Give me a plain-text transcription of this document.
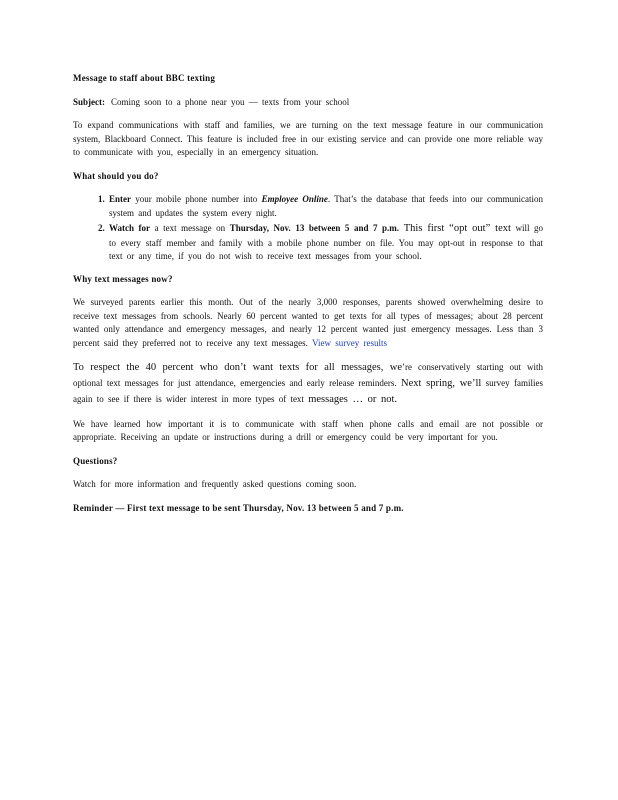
Message to staff about BBC texting
Subject: Coming soon to a phone near you — texts from your school
To expand communications with staff and families, we are turning on the text message feature in our communication system, Blackboard Connect. This feature is included free in our existing service and can provide one more reliable way to communicate with you, especially in an emergency situation.
What should you do?
1. Enter your mobile phone number into Employee Online. That’s the database that feeds into our communication system and updates the system every night.
2. Watch for a text message on Thursday, Nov. 13 between 5 and 7 p.m. This first “opt out” text will go to every staff member and family with a mobile phone number on file. You may opt-out in response to that text or any time, if you do not wish to receive text messages from your school.
Why text messages now?
We surveyed parents earlier this month. Out of the nearly 3,000 responses, parents showed overwhelming desire to receive text messages from schools. Nearly 60 percent wanted to get texts for all types of messages; about 28 percent wanted only attendance and emergency messages, and nearly 12 percent wanted just emergency messages. Less than 3 percent said they preferred not to receive any text messages. View survey results
To respect the 40 percent who don’t want texts for all messages, we’re conservatively starting out with optional text messages for just attendance, emergencies and early release reminders. Next spring, we’ll survey families again to see if there is wider interest in more types of text messages … or not.
We have learned how important it is to communicate with staff when phone calls and email are not possible or appropriate. Receiving an update or instructions during a drill or emergency could be very important for you.
Questions?
Watch for more information and frequently asked questions coming soon.
Reminder — First text message to be sent Thursday, Nov. 13 between 5 and 7 p.m.
